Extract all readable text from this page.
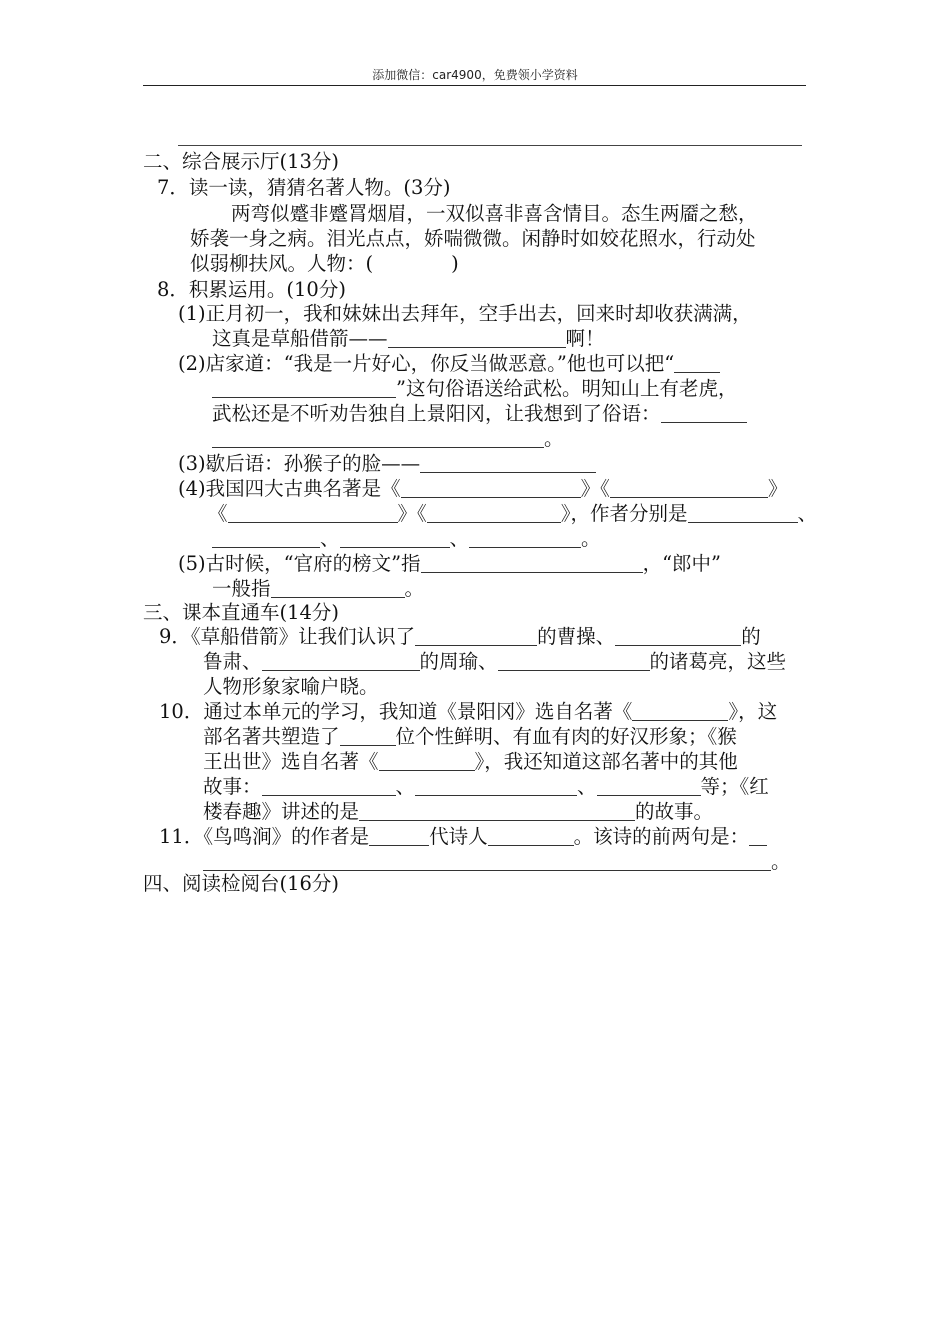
添加微信：car4900，免费领小学资料
二、综合展示厅(13分)
7．读一读，猜猜名著人物。(3分)
两弯似蹙非蹙罥烟眉，一双似喜非喜含情目。态生两靥之愁，
娇袭一身之病。泪光点点，娇喘微微。闲静时如姣花照水，行动处
似弱柳扶风。人物：(　　　　)
8．积累运用。(10分)
(1)正月初一，我和妹妹出去拜年，空手出去，回来时却收获满满，
这真是草船借箭——	啊！
(2)店家道：“我是一片好心，你反当做恶意。”他也可以把“
”这句俗语送给武松。明知山上有老虎，
武松还是不听劝告独自上景阳冈，让我想到了俗语：
。
(3)歇后语：孙猴子的脸——
(4)我国四大古典名著是《	》《	》
《	》《	》，作者分别是	、
、	、	。
(5)古时候，“官府的榜文”指	，“郎中”
一般指	。
三、课本直通车(14分)
9．《草船借箭》让我们认识了	的曹操、	的
鲁肃、	的周瑜、	的诸葛亮，这些
人物形象家喻户晓。
10．通过本单元的学习，我知道《景阳冈》选自名著《	》，这
部名著共塑造了	位个性鲜明、有血有肉的好汉形象；《猴
王出世》选自名著《	》，我还知道这部名著中的其他
故事：	、	、	等；《红
楼春趣》讲述的是	的故事。
11．《鸟鸣涧》的作者是	代诗人	。该诗的前两句是：
。
四、阅读检阅台(16分)
